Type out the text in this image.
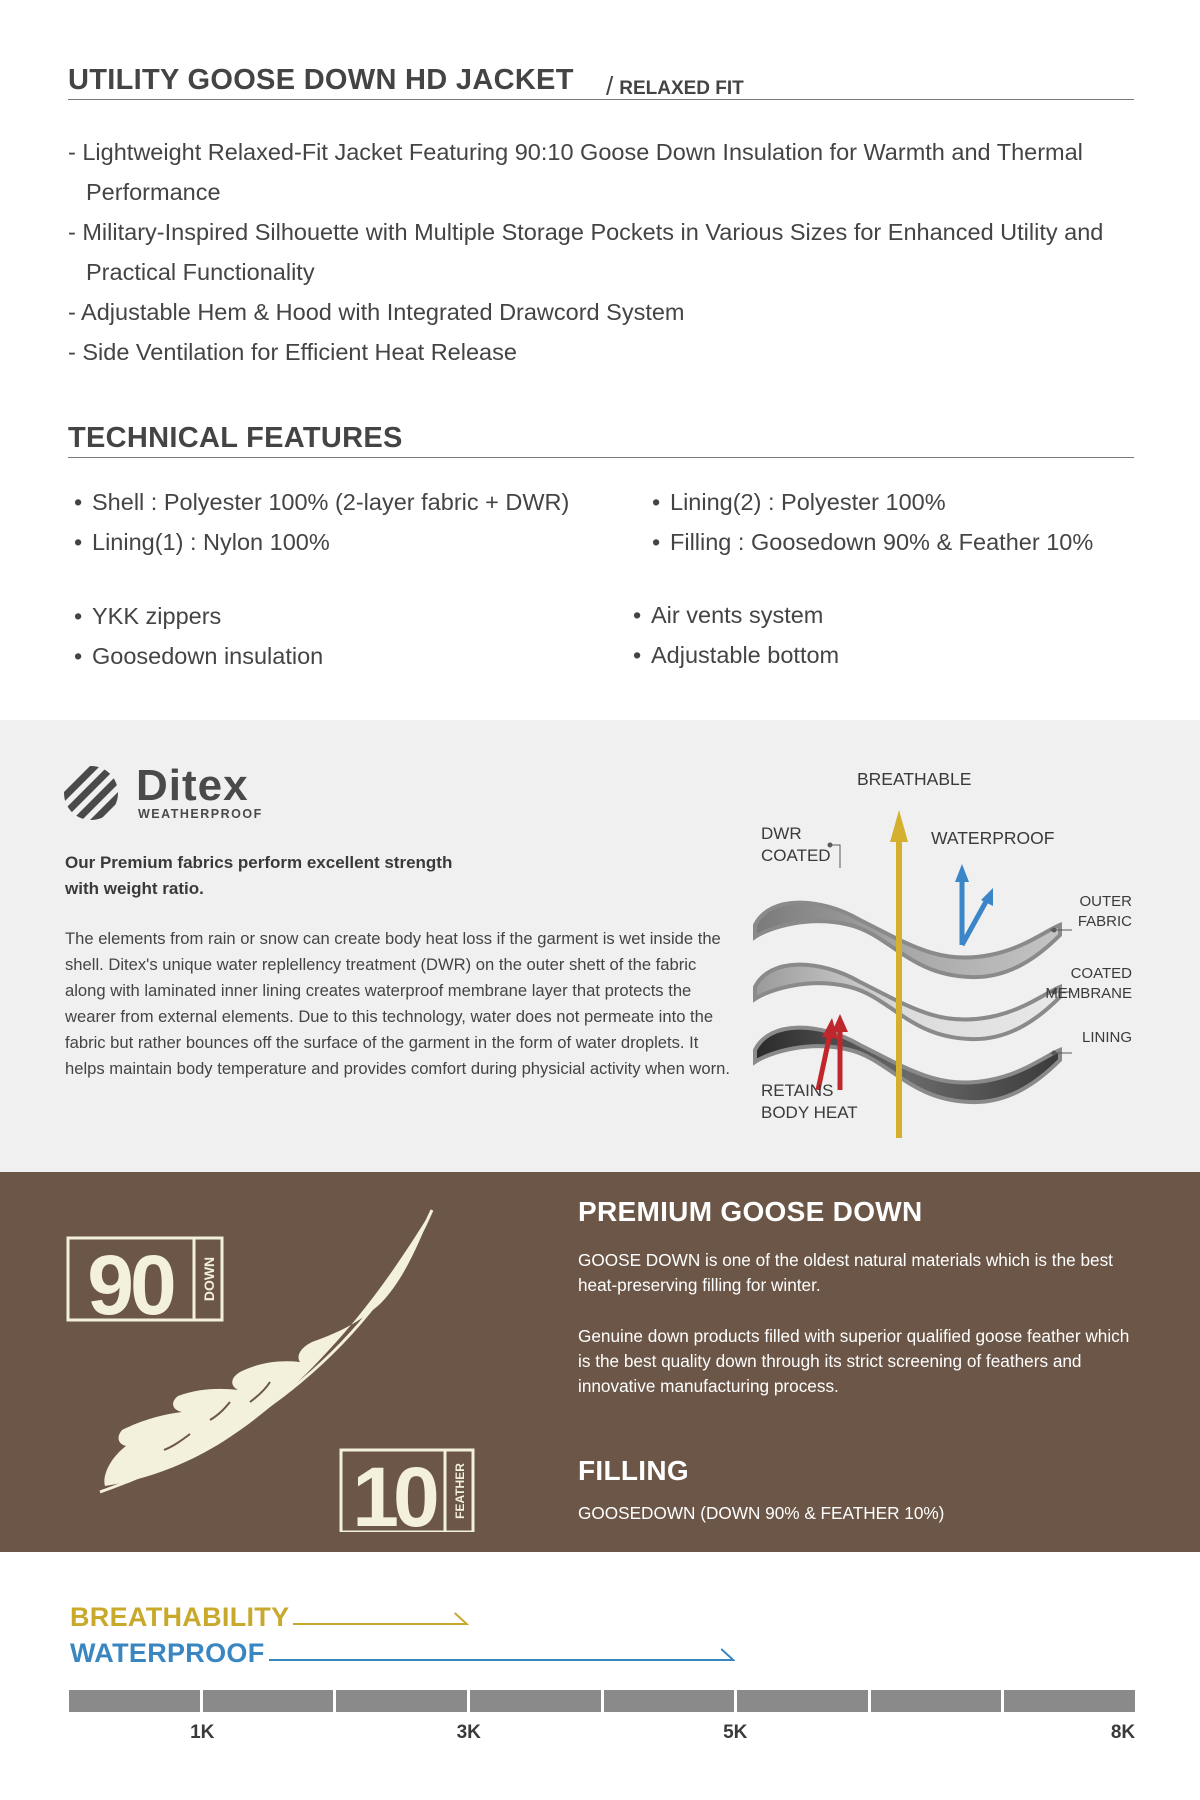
UTILITY GOOSE DOWN HD JACKET / RELAXED FIT

- Lightweight Relaxed-Fit Jacket Featuring 90:10 Goose Down Insulation for Warmth and Thermal Performance

- Military-Inspired Silhouette with Multiple Storage Pockets in Various Sizes for Enhanced Utility and Practical Functionality

- Adjustable Hem & Hood with Integrated Drawcord System

- Side Ventilation for Efficient Heat Release

TECHNICAL FEATURES
• Shell : Polyester 100% (2-layer fabric + DWR)
• Lining(1) : Nylon 100%
• Lining(2) : Polyester 100%
• Filling : Goosedown 90% & Feather 10%
• YKK zippers
• Goosedown insulation
• Air vents system
• Adjustable bottom
Ditex
WEATHERPROOF
Our Premium fabrics perform excellent strength
with weight ratio.

The elements from rain or snow can create body heat loss if the garment is wet inside the shell. Ditex's unique water replellency treatment (DWR) on the outer shett of the fabric along with laminated inner lining creates waterproof membrane layer that protects the wearer from external elements. Due to this technology, water does not permeate into the fabric but rather bounces off the surface of the garment in the form of water droplets. It helps maintain body temperature and provides comfort during physicial activity when worn.

BREATHABLE
DWR
COATED
WATERPROOF
OUTER
FABRIC
COATED
MEMBRANE
LINING
RETAINS
BODY HEAT
90 DOWN
10 FEATHER
PREMIUM GOOSE DOWN

GOOSE DOWN is one of the oldest natural materials which is the best heat-preserving filling for winter.

Genuine down products filled with superior qualified goose feather which is the best quality down through its strict screening of feathers and innovative manufacturing process.

FILLING

GOOSEDOWN (DOWN 90% & FEATHER 10%)

BREATHABILITY
WATERPROOF
1K	3K	5K	8K
